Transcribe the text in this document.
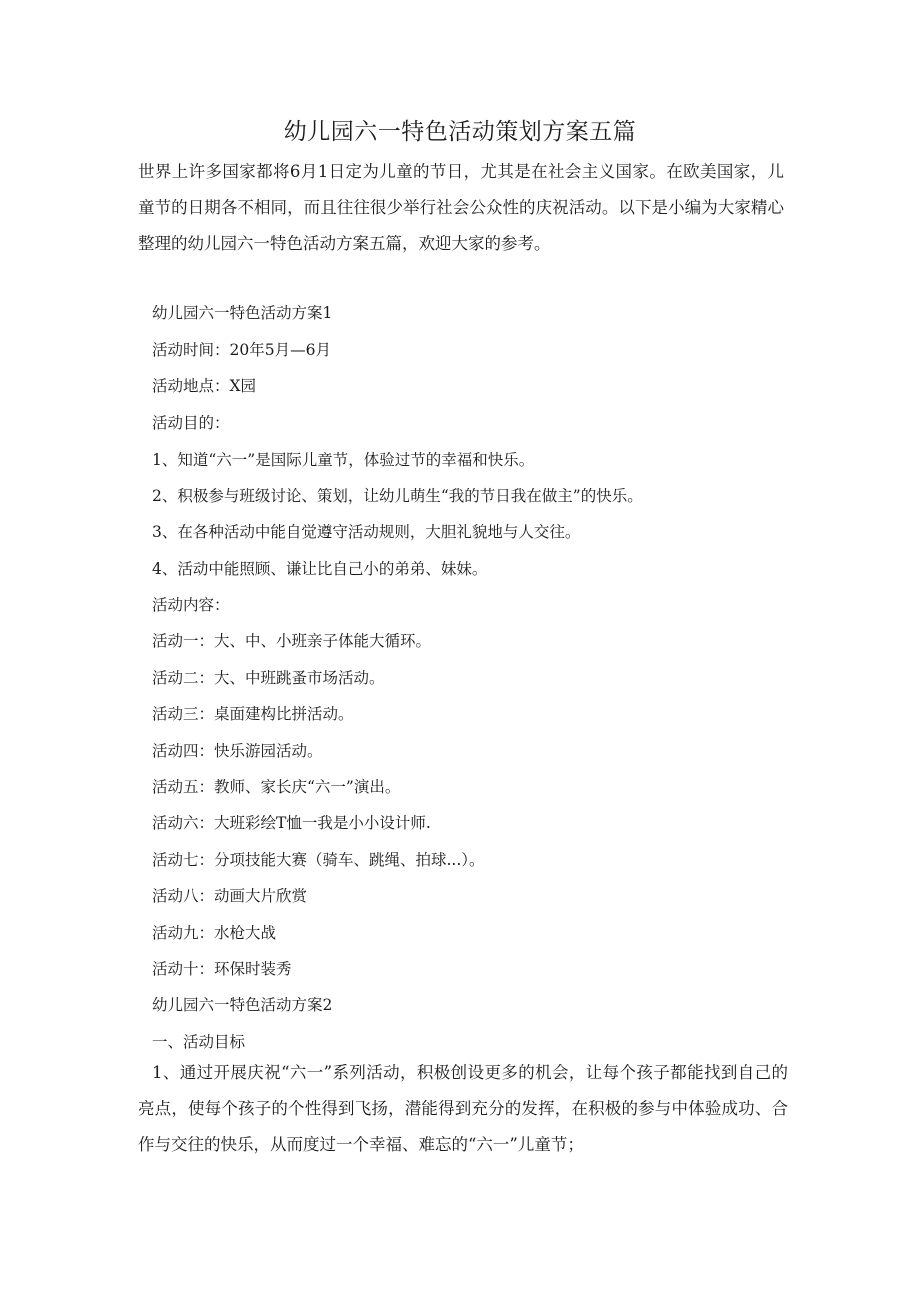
幼儿园六一特色活动策划方案五篇

世界上许多国家都将6月1日定为儿童的节日，尤其是在社会主义国家。在欧美国家，儿童节的日期各不相同，而且往往很少举行社会公众性的庆祝活动。以下是小编为大家精心整理的幼儿园六一特色活动方案五篇，欢迎大家的参考。

幼儿园六一特色活动方案1
活动时间：20年5月—6月
活动地点：X园
活动目的：
1、知道“六一”是国际儿童节，体验过节的幸福和快乐。
2、积极参与班级讨论、策划，让幼儿萌生“我的节日我在做主”的快乐。
3、在各种活动中能自觉遵守活动规则，大胆礼貌地与人交往。
4、活动中能照顾、谦让比自己小的弟弟、妹妹。
活动内容：
活动一：大、中、小班亲子体能大循环。
活动二：大、中班跳蚤市场活动。
活动三：桌面建构比拼活动。
活动四：快乐游园活动。
活动五：教师、家长庆“六一”演出。
活动六：大班彩绘T恤一我是小小设计师.
活动七：分项技能大赛（骑车、跳绳、拍球...）。
活动八：动画大片欣赏
活动九：水枪大战
活动十：环保时装秀
幼儿园六一特色活动方案2
一、活动目标

1、通过开展庆祝“六一”系列活动，积极创设更多的机会，让每个孩子都能找到自己的亮点，使每个孩子的个性得到飞扬，潜能得到充分的发挥，在积极的参与中体验成功、合作与交往的快乐，从而度过一个幸福、难忘的“六一”儿童节；
